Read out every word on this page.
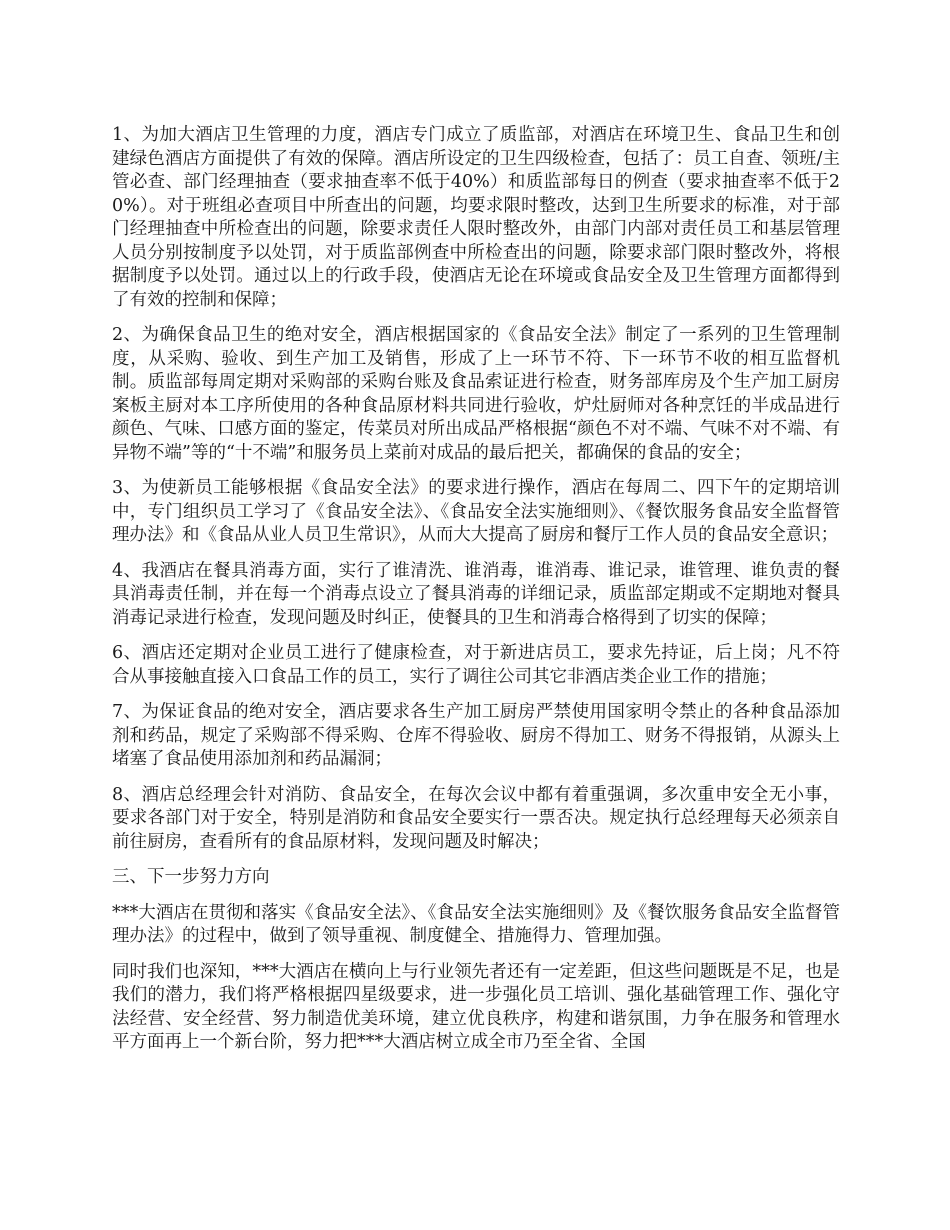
1、为加大酒店卫生管理的力度，酒店专门成立了质监部，对酒店在环境卫生、食品卫生和创建绿色酒店方面提供了有效的保障。酒店所设定的卫生四级检查，包括了：员工自查、领班/主管必查、部门经理抽查（要求抽查率不低于40%）和质监部每日的例查（要求抽查率不低于20%）。对于班组必查项目中所查出的问题，均要求限时整改，达到卫生所要求的标准，对于部门经理抽查中所检查出的问题，除要求责任人限时整改外，由部门内部对责任员工和基层管理人员分别按制度予以处罚，对于质监部例查中所检查出的问题，除要求部门限时整改外，将根据制度予以处罚。通过以上的行政手段，使酒店无论在环境或食品安全及卫生管理方面都得到了有效的控制和保障；

2、为确保食品卫生的绝对安全，酒店根据国家的《食品安全法》制定了一系列的卫生管理制度，从采购、验收、到生产加工及销售，形成了上一环节不符、下一环节不收的相互监督机制。质监部每周定期对采购部的采购台账及食品索证进行检查，财务部库房及个生产加工厨房案板主厨对本工序所使用的各种食品原材料共同进行验收，炉灶厨师对各种烹饪的半成品进行颜色、气味、口感方面的鉴定，传菜员对所出成品严格根据“颜色不对不端、气味不对不端、有异物不端”等的“十不端”和服务员上菜前对成品的最后把关，都确保的食品的安全；

3、为使新员工能够根据《食品安全法》的要求进行操作，酒店在每周二、四下午的定期培训中，专门组织员工学习了《食品安全法》、《食品安全法实施细则》、《餐饮服务食品安全监督管理办法》和《食品从业人员卫生常识》，从而大大提高了厨房和餐厅工作人员的食品安全意识；

4、我酒店在餐具消毒方面，实行了谁清洗、谁消毒，谁消毒、谁记录，谁管理、谁负责的餐具消毒责任制，并在每一个消毒点设立了餐具消毒的详细记录，质监部定期或不定期地对餐具消毒记录进行检查，发现问题及时纠正，使餐具的卫生和消毒合格得到了切实的保障；

6、酒店还定期对企业员工进行了健康检查，对于新进店员工，要求先持证，后上岗；凡不符合从事接触直接入口食品工作的员工，实行了调往公司其它非酒店类企业工作的措施；

7、为保证食品的绝对安全，酒店要求各生产加工厨房严禁使用国家明令禁止的各种食品添加剂和药品，规定了采购部不得采购、仓库不得验收、厨房不得加工、财务不得报销，从源头上堵塞了食品使用添加剂和药品漏洞；

8、酒店总经理会针对消防、食品安全，在每次会议中都有着重强调，多次重申安全无小事，要求各部门对于安全，特别是消防和食品安全要实行一票否决。规定执行总经理每天必须亲自前往厨房，查看所有的食品原材料，发现问题及时解决；

三、下一步努力方向

***大酒店在贯彻和落实《食品安全法》、《食品安全法实施细则》及《餐饮服务食品安全监督管理办法》的过程中，做到了领导重视、制度健全、措施得力、管理加强。

同时我们也深知，***大酒店在横向上与行业领先者还有一定差距，但这些问题既是不足，也是我们的潜力，我们将严格根据四星级要求，进一步强化员工培训、强化基础管理工作、强化守法经营、安全经营、努力制造优美环境，建立优良秩序，构建和谐氛围，力争在服务和管理水平方面再上一个新台阶，努力把***大酒店树立成全市乃至全省、全国
